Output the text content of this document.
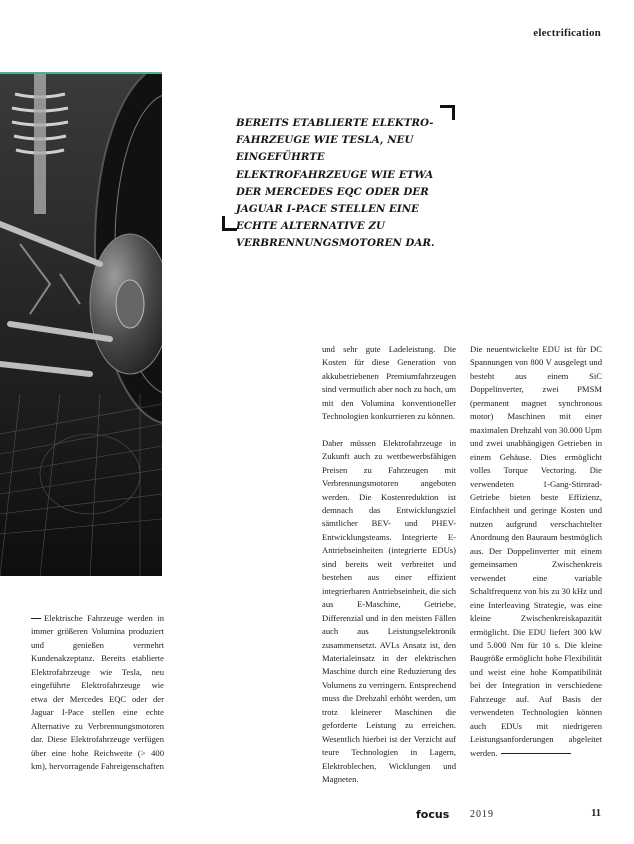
electrification
BEREITS ETABLIERTE ELEKTROFAHRZEUGE WIE TESLA, NEU EINGEFÜHRTE ELEKTROFAHRZEUGE WIE ETWA DER MERCEDES EQC ODER DER JAGUAR I-PACE STELLEN EINE ECHTE ALTERNATIVE ZU VERBRENNUNGSMOTOREN DAR.

Elektrische Fahrzeuge werden in immer größeren Volumina produziert und genießen vermehrt Kundenakzeptanz. Bereits etablierte Elektrofahrzeuge wie Tesla, neu eingeführte Elektrofahrzeuge wie etwa der Mercedes EQC oder der Jaguar I-Pace stellen eine echte Alternative zu Verbrennungsmotoren dar. Diese Elektrofahrzeuge verfügen über eine hohe Reichweite (> 400 km), hervorragende Fahreigenschaften

und sehr gute Ladeleistung. Die Kosten für diese Generation von akkubetriebenen Premiumfahrzeugen sind vermutlich aber noch zu hoch, um mit den Volumina konventioneller Technologien konkurrieren zu können.

Daher müssen Elektrofahrzeuge in Zukunft auch zu wettbewerbsfähigen Preisen zu Fahrzeugen mit Verbrennungsmotoren angeboten werden. Die Kostenreduktion ist demnach das Entwicklungsziel sämtlicher BEV- und PHEV-Entwicklungsteams. Integrierte E-Antriebseinheiten (integrierte EDUs) sind bereits weit verbreitet und bestehen aus einer effizient integrierbaren Antriebseinheit, die sich aus E-Maschine, Getriebe, Differenzial und in den meisten Fällen auch aus Leistungselektronik zusammensetzt. AVLs Ansatz ist, den Materialeinsatz in der elektrischen Maschine durch eine Reduzierung des Volumens zu verringern. Entsprechend muss die Drehzahl erhöht werden, um trotz kleinerer Maschinen die geforderte Leistung zu erreichen. Wesentlich hierbei ist der Verzicht auf teure Technologien in Lagern, Elektroblechen, Wicklungen und Magneten.

Die neuentwickelte EDU ist für DC Spannungen von 800 V ausgelegt und besteht aus einem SiC Doppelinverter, zwei PMSM (permanent magnet synchronous motor) Maschinen mit einer maximalen Drehzahl von 30.000 Upm und zwei unabhängigen Getrieben in einem Gehäuse. Dies ermöglicht volles Torque Vectoring. Die verwendeten 1-Gang-Stirnrad-Getriebe bieten beste Effizienz, Einfachheit und geringe Kosten und nutzen aufgrund verschachtelter Anordnung den Bauraum bestmöglich aus. Der Doppelinverter mit einem gemeinsamen Zwischenkreis verwendet eine variable Schaltfrequenz von bis zu 30 kHz und eine Interleaving Strategie, was eine kleine Zwischenkreiskapazität ermöglicht. Die EDU liefert 300 kW und 5.000 Nm für 10 s. Die kleine Baugröße ermöglicht hohe Flexibilität und weist eine hohe Kompatibilität bei der Integration in verschiedene Fahrzeuge auf. Auf Basis der verwendeten Technologien können auch EDUs mit niedrigeren Leistungsanforderungen abgeleitet werden.

focus 2019	11
